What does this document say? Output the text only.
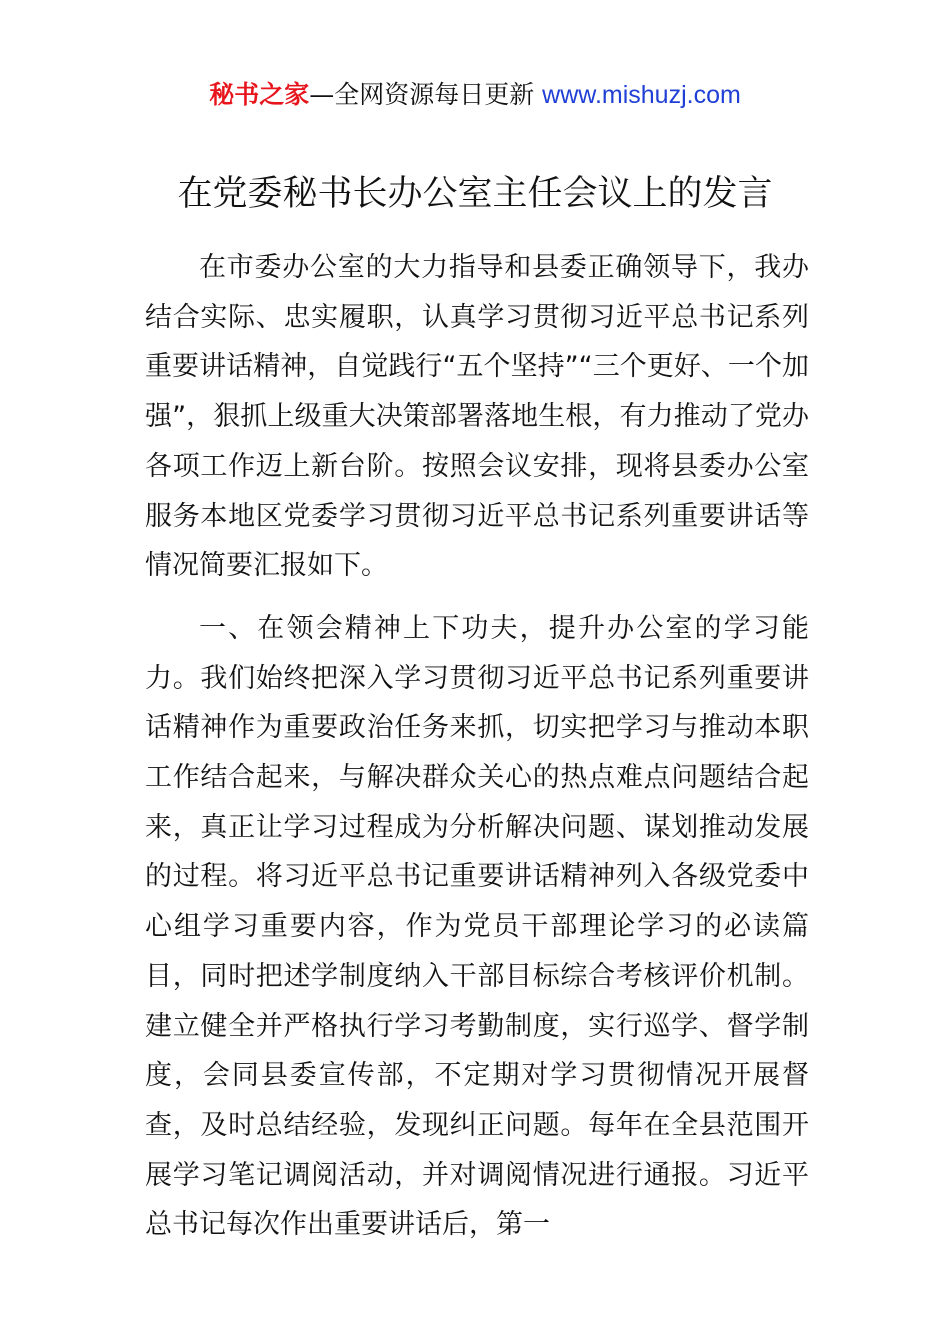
秘书之家—全网资源每日更新 www.mishuzj.com
在党委秘书长办公室主任会议上的发言

在市委办公室的大力指导和县委正确领导下，我办结合实际、忠实履职，认真学习贯彻习近平总书记系列重要讲话精神，自觉践行“五个坚持”“三个更好、一个加强”，狠抓上级重大决策部署落地生根，有力推动了党办各项工作迈上新台阶。按照会议安排，现将县委办公室服务本地区党委学习贯彻习近平总书记系列重要讲话等情况简要汇报如下。

一、在领会精神上下功夫，提升办公室的学习能力。我们始终把深入学习贯彻习近平总书记系列重要讲话精神作为重要政治任务来抓，切实把学习与推动本职工作结合起来，与解决群众关心的热点难点问题结合起来，真正让学习过程成为分析解决问题、谋划推动发展的过程。将习近平总书记重要讲话精神列入各级党委中心组学习重要内容，作为党员干部理论学习的必读篇目，同时把述学制度纳入干部目标综合考核评价机制。建立健全并严格执行学习考勤制度，实行巡学、督学制度，会同县委宣传部，不定期对学习贯彻情况开展督查，及时总结经验，发现纠正问题。每年在全县范围开展学习笔记调阅活动，并对调阅情况进行通报。习近平总书记每次作出重要讲话后，第一
